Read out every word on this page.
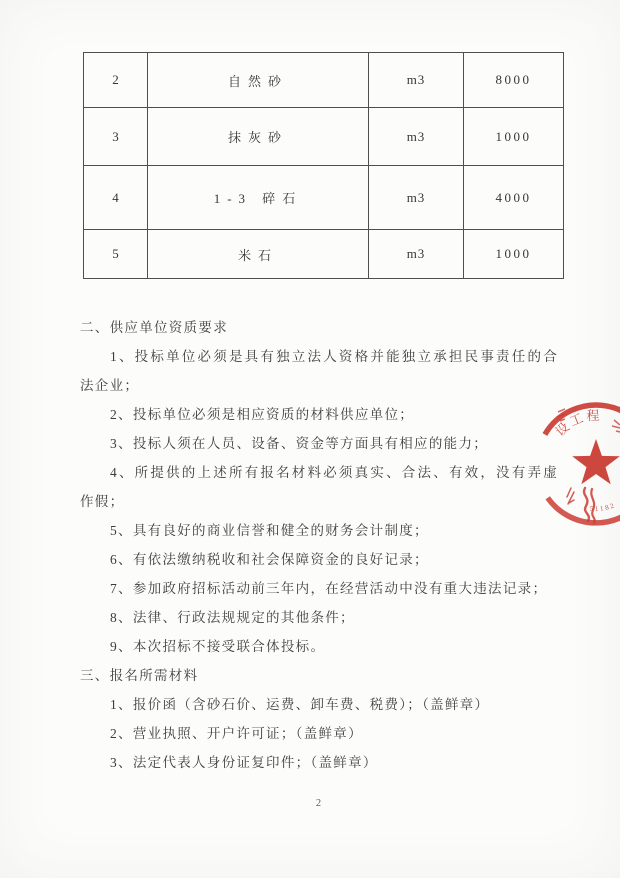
2	自然砂	m3	8000
3	抹灰砂	m3	1000
4	1-3 碎石	m3	4000
5	米石	m3	1000
二、供应单位资质要求
1、投标单位必须是具有独立法人资格并能独立承担民事责任的合
法企业；
2、投标单位必须是相应资质的材料供应单位；
3、投标人须在人员、设备、资金等方面具有相应的能力；
4、所提供的上述所有报名材料必须真实、合法、有效，没有弄虚
作假；
5、具有良好的商业信誉和健全的财务会计制度；
6、有依法缴纳税收和社会保障资金的良好记录；
7、参加政府招标活动前三年内，在经营活动中没有重大违法记录；
8、法律、行政法规规定的其他条件；
9、本次招标不接受联合体投标。
三、报名所需材料
1、报价函（含砂石价、运费、卸车费、税费）；（盖鲜章）
2、营业执照、开户许可证；（盖鲜章）
3、法定代表人身份证复印件；（盖鲜章）
设工程
51182
2
